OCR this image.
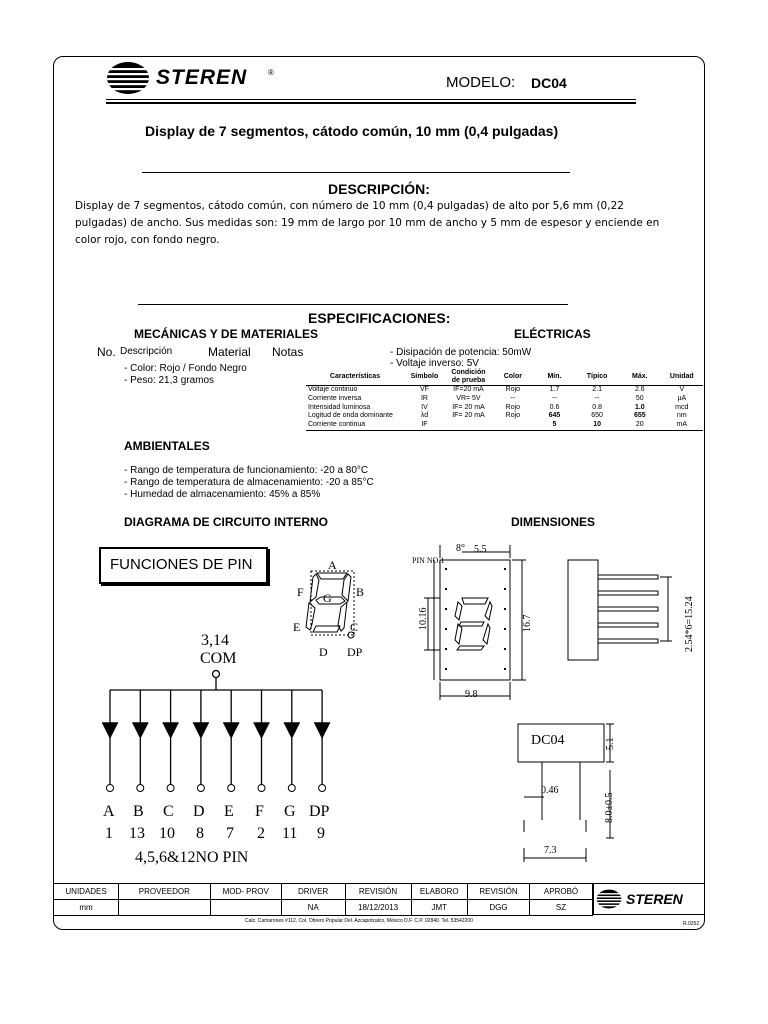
STEREN	®
MODELO: DC04
Display de 7 segmentos, cátodo común, 10 mm (0,4 pulgadas)
DESCRIPCIÓN:
Display de 7 segmentos, cátodo común, con número de 10 mm (0,4 pulgadas) de alto por 5,6 mm (0,22 pulgadas) de ancho. Sus medidas son: 19 mm de largo por 10 mm de ancho y 5 mm de espesor y enciende en color rojo, con fondo negro.
ESPECIFICACIONES:
MECÁNICAS Y DE MATERIALES	ELÉCTRICAS
No. Descripción	Material Notas
- Color: Rojo / Fondo Negro
- Peso: 21,3 gramos
- Disipación de potencia: 50mW
- Voltaje inverso: 5V
Características	Símbolo	Condición de prueba	Color	Mín.	Típico	Máx.	Unidad
Voltaje continuo	VF	IF=20 mA	Rojo	1.7	2.1	2.6	V
Corriente inversa	IR	VR= 5V	--	--	--	50	µA
Intensidad luminosa	IV	IF= 20 mA	Rojo	0.6	0.8	1.0	mcd
Logitud de onda dominante	λd	IF= 20 mA	Rojo	645	650	655	nm
Corriente continua	IF			5	10	20	mA
AMBIENTALES
- Rango de temperatura de funcionamiento: -20 a 80°C
- Rango de temperatura de almacenamiento: -20 a 85°C
- Humedad de almacenamiento: 45% a 85%
DIAGRAMA DE CIRCUITO INTERNO	DIMENSIONES
FUNCIONES DE PIN	A
F	B
G
E	C
D DP
3,14
COM
A B C D E F G DP
1 13 10 8 7 2 11 9
4,5,6&12NO PIN
8° 5.5
PIN NO.1
10.16	16.7
9.8
2.54*6=15.24
DC04	5.1
0.46
8.0±0.5
7.3
UNIDADES	PROVEEDOR	MOD- PROV	DRIVER	REVISIÓN	ELABORO	REVISIÓN	APROBÓ
mm			NA	18/12/2013	JMT	DGG	SZ
STEREN
Calz. Camarones #112, Col. Obrero Popular Del. Azcapotzalco, México D.F. C.P. 02840. Tel. 53542200	R.0252
